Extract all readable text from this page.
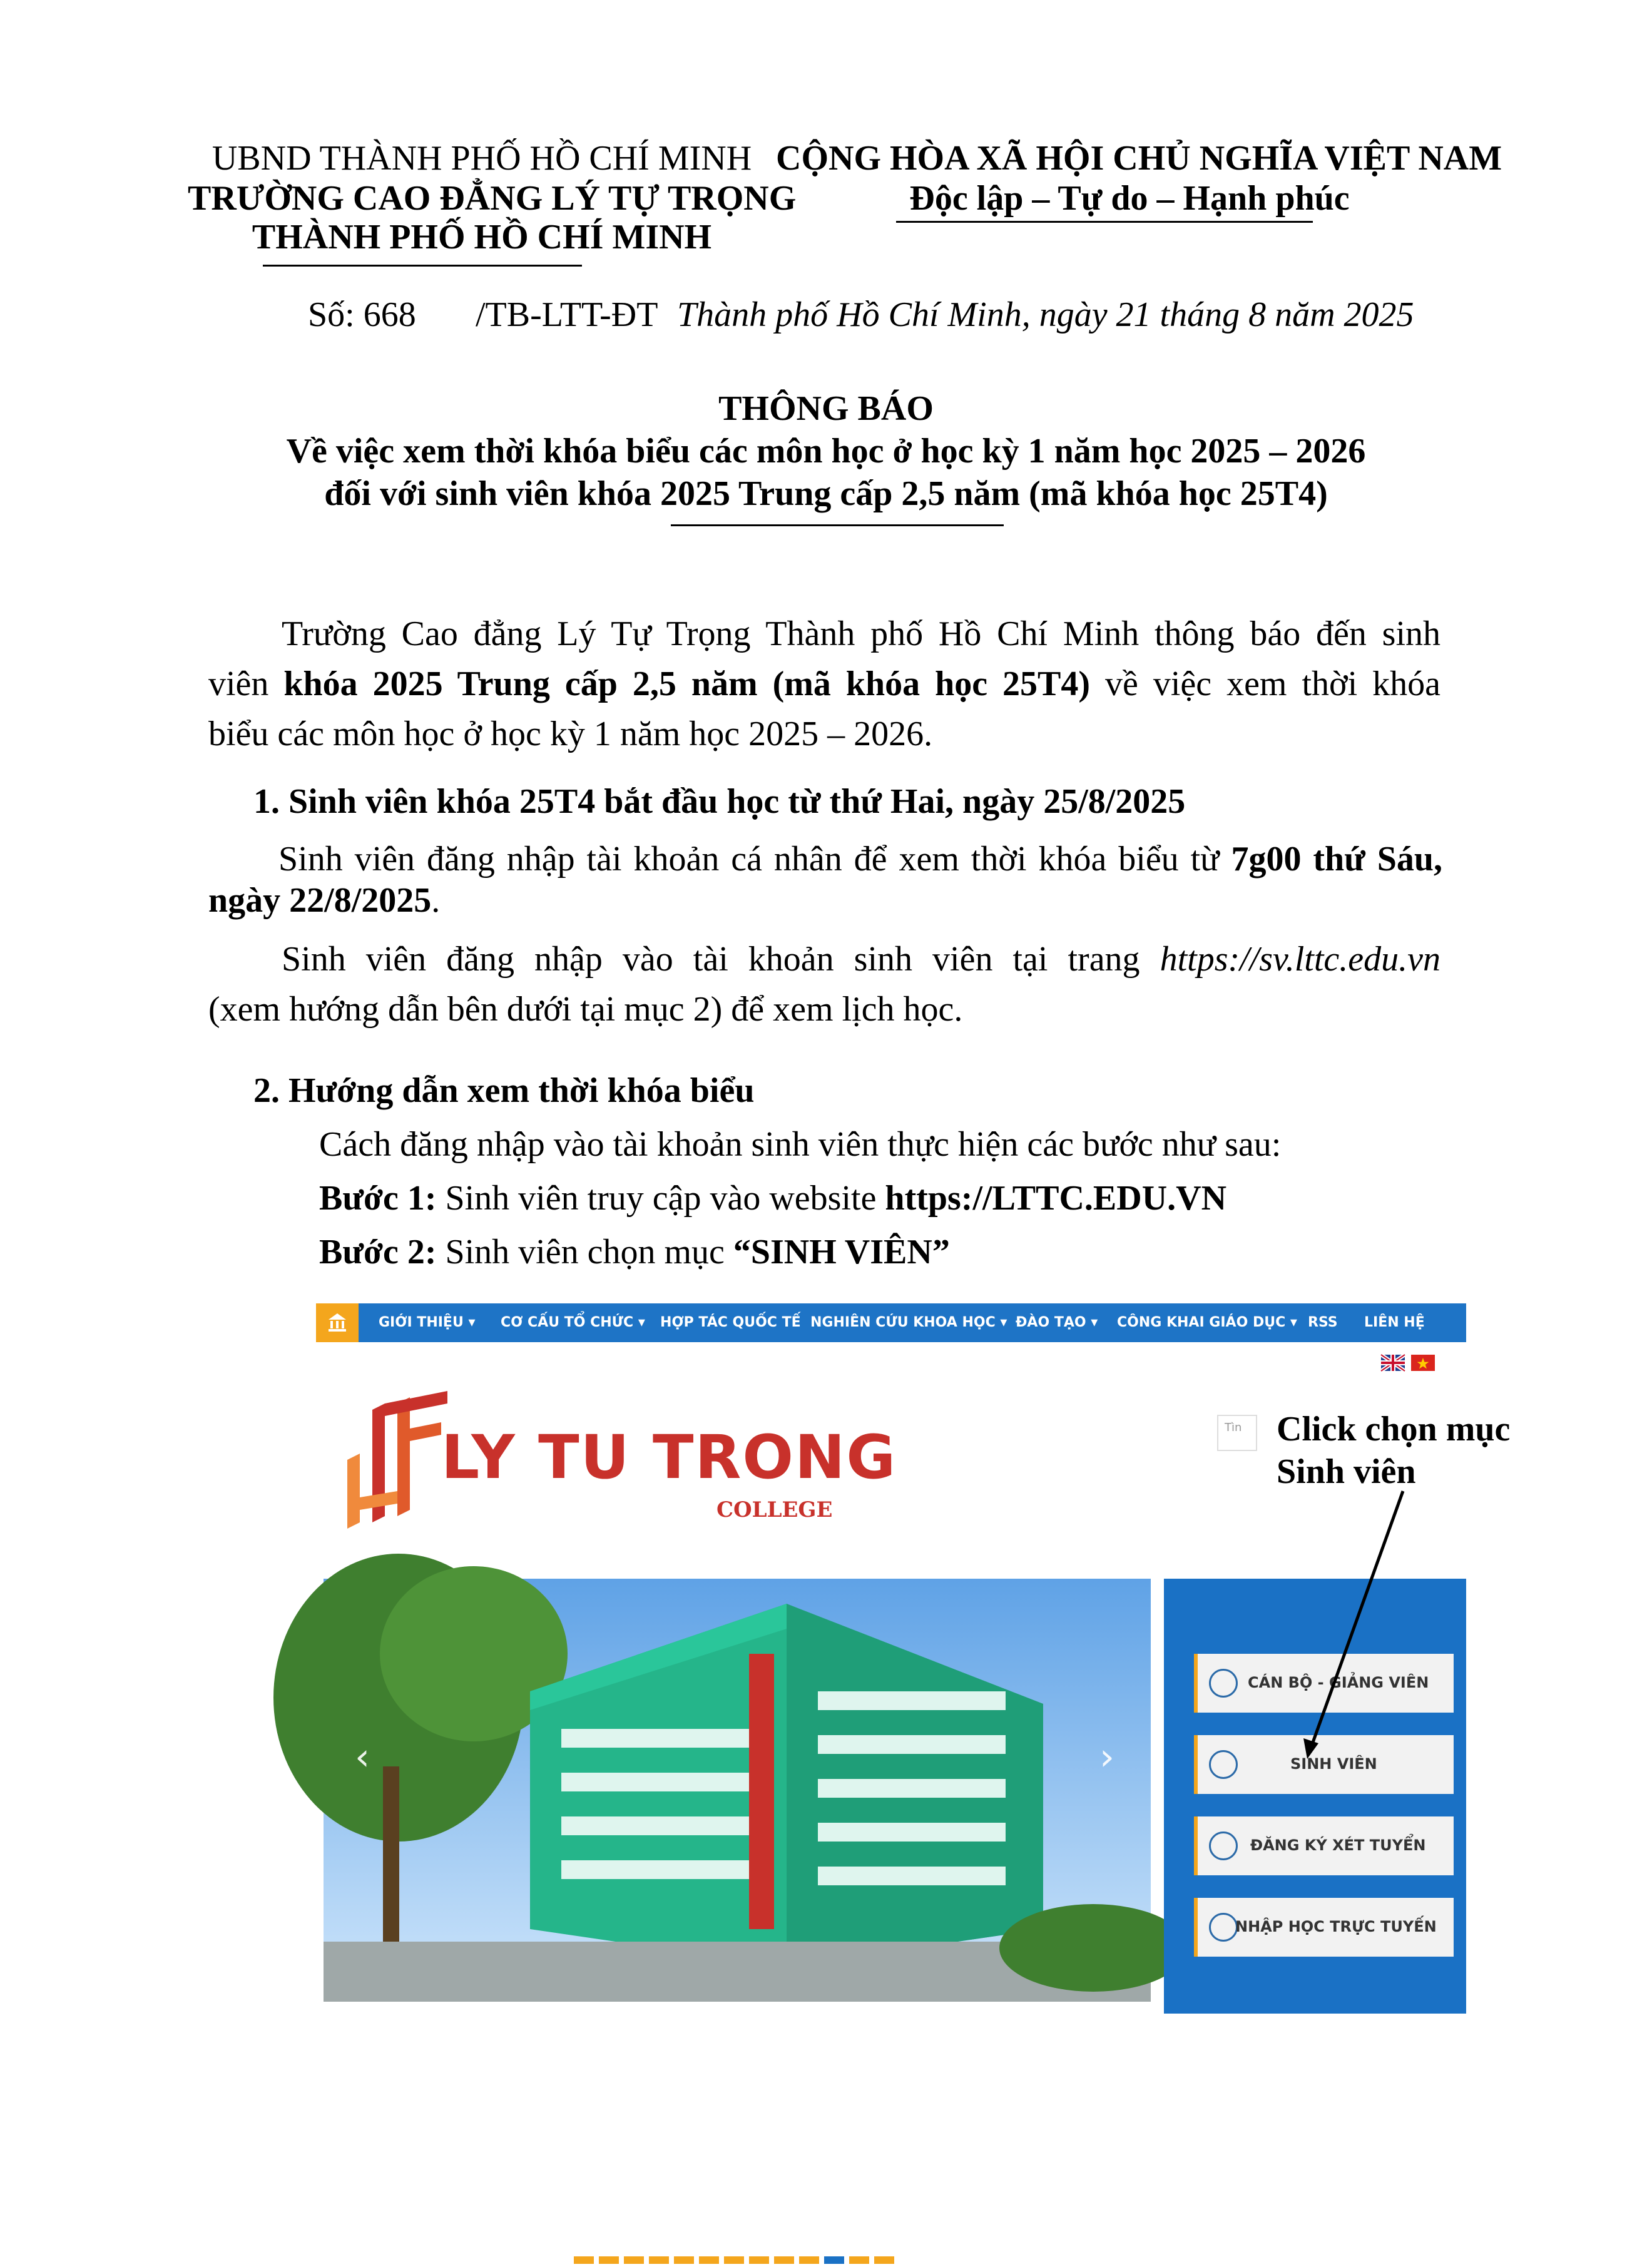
UBND THÀNH PHỐ HỒ CHÍ MINH
TRƯỜNG CAO ĐẲNG LÝ TỰ TRỌNG
THÀNH PHỐ HỒ CHÍ MINH
CỘNG HÒA XÃ HỘI CHỦ NGHĨA VIỆT NAM
Độc lập – Tự do – Hạnh phúc
Số: 668 /TB-LTT-ĐT Thành phố Hồ Chí Minh, ngày 21 tháng 8 năm 2025
THÔNG BÁO
Về việc xem thời khóa biểu các môn học ở học kỳ 1 năm học 2025 – 2026
đối với sinh viên khóa 2025 Trung cấp 2,5 năm (mã khóa học 25T4)
Trường Cao đẳng Lý Tự Trọng Thành phố Hồ Chí Minh thông báo đến sinh
viên khóa 2025 Trung cấp 2,5 năm (mã khóa học 25T4) về việc xem thời khóa
biểu các môn học ở học kỳ 1 năm học 2025 – 2026.
1. Sinh viên khóa 25T4 bắt đầu học từ thứ Hai, ngày 25/8/2025
Sinh viên đăng nhập tài khoản cá nhân để xem thời khóa biểu từ 7g00 thứ Sáu,
ngày 22/8/2025.
Sinh viên đăng nhập vào tài khoản sinh viên tại trang https://sv.lttc.edu.vn
(xem hướng dẫn bên dưới tại mục 2) để xem lịch học.
2. Hướng dẫn xem thời khóa biểu
Cách đăng nhập vào tài khoản sinh viên thực hiện các bước như sau:
Bước 1: Sinh viên truy cập vào website https://LTTC.EDU.VN
Bước 2: Sinh viên chọn mục “SINH VIÊN”
GIỚI THIỆU ▾ CƠ CẤU TỔ CHỨC ▾ HỢP TÁC QUỐC TẾ NGHIÊN CỨU KHOA HỌC ▾ ĐÀO TẠO ▾ CÔNG KHAI GIÁO DỤC ▾ RSS LIÊN HỆ

Tìn
LY TU TRONG
COLLEGE
Click chọn mục
Sinh viên
‹	›
CÁN BỘ - GIẢNG VIÊN
SINH VIÊN
ĐĂNG KÝ XÉT TUYỂN
NHẬP HỌC TRỰC TUYẾN
